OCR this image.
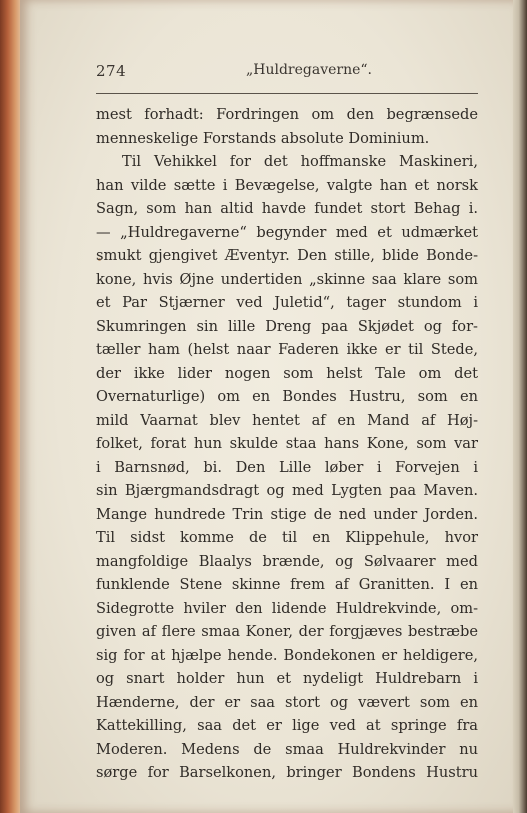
274	„Huldregaverne“.
mest forhadt: Fordringen om den begrænsede
menneskelige Forstands absolute Dominium.
Til Vehikkel for det hoffmanske Maskineri,
han vilde sætte i Bevægelse, valgte han et norsk
Sagn, som han altid havde fundet stort Behag i.
— „Huldregaverne“ begynder med et udmærket
smukt gjengivet Æventyr. Den stille, blide Bonde-
kone, hvis Øjne undertiden „skinne saa klare som
et Par Stjærner ved Juletid“, tager stundom i
Skumringen sin lille Dreng paa Skjødet og for-
tæller ham (helst naar Faderen ikke er til Stede,
der ikke lider nogen som helst Tale om det
Overnaturlige) om en Bondes Hustru, som en
mild Vaarnat blev hentet af en Mand af Høj-
folket, forat hun skulde staa hans Kone, som var
i Barnsnød, bi. Den Lille løber i Forvejen i
sin Bjærgmandsdragt og med Lygten paa Maven.
Mange hundrede Trin stige de ned under Jorden.
Til sidst komme de til en Klippehule, hvor
mangfoldige Blaalys brænde, og Sølvaarer med
funklende Stene skinne frem af Granitten. I en
Sidegrotte hviler den lidende Huldrekvinde, om-
given af flere smaa Koner, der forgjæves bestræbe
sig for at hjælpe hende. Bondekonen er heldigere,
og snart holder hun et nydeligt Huldrebarn i
Hænderne, der er saa stort og vævert som en
Kattekilling, saa det er lige ved at springe fra
Moderen. Medens de smaa Huldrekvinder nu
sørge for Barselkonen, bringer Bondens Hustru
